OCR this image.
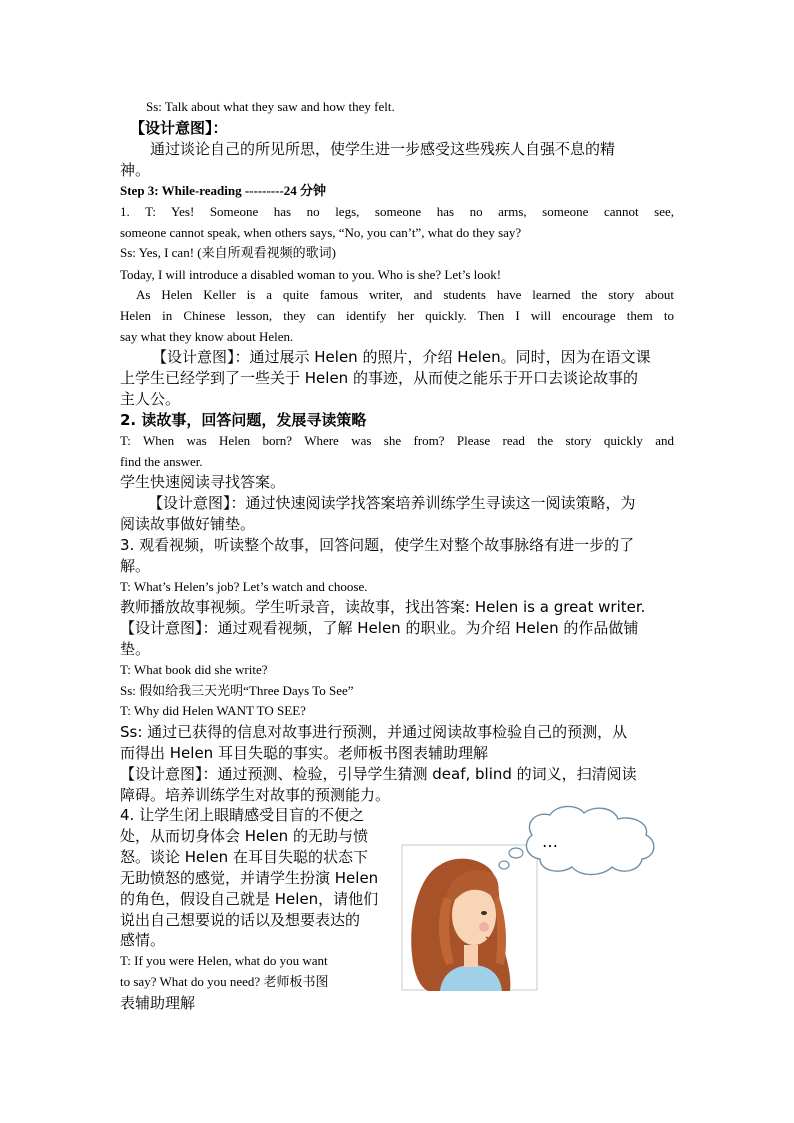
Ss: Talk about what they saw and how they felt.
【设计意图】：
通过谈论自己的所见所思，使学生进一步感受这些残疾人自强不息的精
神。
Step 3: While-reading ---------24 分钟
1. T: Yes! Someone has no legs, someone has no arms, someone cannot see,
someone cannot speak, when others says, “No, you can’t”, what do they say?
Ss: Yes, I can! (来自所观看视频的歌词)
Today, I will introduce a disabled woman to you. Who is she? Let’s look!
As Helen Keller is a quite famous writer, and students have learned the story about
Helen in Chinese lesson, they can identify her quickly. Then I will encourage them to
say what they know about Helen.
【设计意图】：通过展示 Helen 的照片，介绍 Helen。同时，因为在语文课
上学生已经学到了一些关于 Helen 的事迹，从而使之能乐于开口去谈论故事的
主人公。
2. 读故事，回答问题，发展寻读策略
T: When was Helen born? Where was she from? Please read the story quickly and
find the answer.
学生快速阅读寻找答案。
【设计意图】：通过快速阅读学找答案培养训练学生寻读这一阅读策略，为
阅读故事做好铺垫。
3. 观看视频，听读整个故事，回答问题，使学生对整个故事脉络有进一步的了
解。
T: What’s Helen’s job? Let’s watch and choose.
教师播放故事视频。学生听录音，读故事，找出答案: Helen is a great writer.
【设计意图】：通过观看视频，了解 Helen 的职业。为介绍 Helen 的作品做铺
垫。
T: What book did she write?
Ss: 假如给我三天光明“Three Days To See”
T: Why did Helen WANT TO SEE?
Ss: 通过已获得的信息对故事进行预测，并通过阅读故事检验自己的预测，从
而得出 Helen 耳目失聪的事实。老师板书图表辅助理解
【设计意图】：通过预测、检验，引导学生猜测 deaf, blind 的词义，扫清阅读
障碍。培养训练学生对故事的预测能力。
4. 让学生闭上眼睛感受目盲的不便之
处，从而切身体会 Helen 的无助与愤
怒。谈论 Helen 在耳目失聪的状态下
无助愤怒的感觉，并请学生扮演 Helen
的角色，假设自己就是 Helen，请他们
说出自己想要说的话以及想要表达的
感情。
T: If you were Helen, what do you want
to say? What do you need? 老师板书图
表辅助理解
…
